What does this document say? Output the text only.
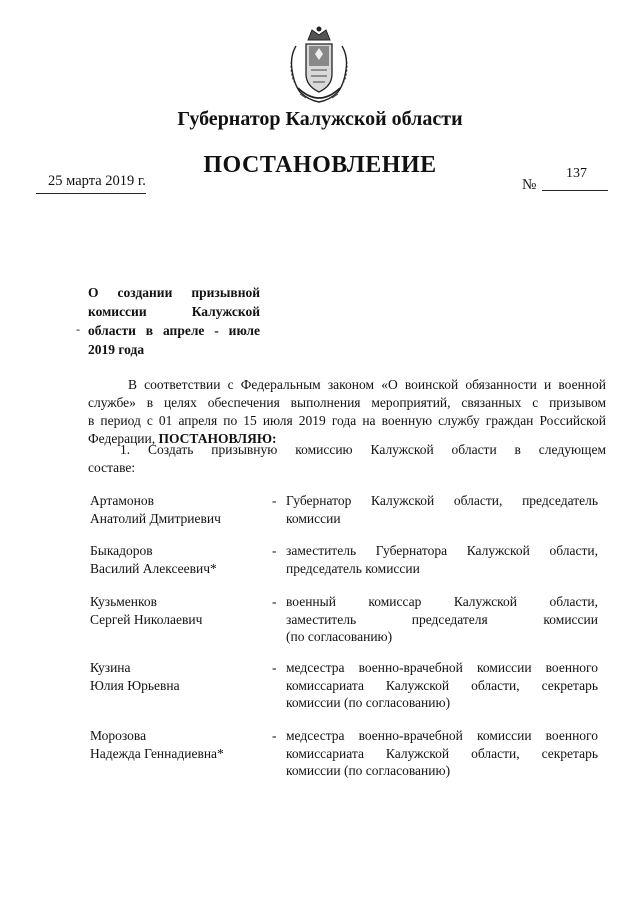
Губернатор Калужской области
ПОСТАНОВЛЕНИЕ
25 марта 2019 г.	№
137
О создании призывной
комиссии Калужской
области в апреле - июле
2019 года
-
В соответствии с Федеральным законом «О воинской обязанности и военной
службе» в целях обеспечения выполнения мероприятий, связанных с призывом
в период с 01 апреля по 15 июля 2019 года на военную службу граждан Российской
Федерации, ПОСТАНОВЛЯЮ:
1. Создать призывную комиссию Калужской области в следующем
составе:
Артамонов
Анатолий Дмитриевич
- Губернатор Калужской области, председатель
комиссии
Быкадоров
Василий Алексеевич*
- заместитель Губернатора Калужской области,
председатель комиссии
Кузьменков
Сергей Николаевич
- военный комиссар Калужской области,
заместитель председателя комиссии
(по согласованию)
Кузина
Юлия Юрьевна
- медсестра военно-врачебной комиссии военного
комиссариата Калужской области, секретарь
комиссии (по согласованию)
Морозова
Надежда Геннадиевна*
- медсестра военно-врачебной комиссии военного
комиссариата Калужской области, секретарь
комиссии (по согласованию)
